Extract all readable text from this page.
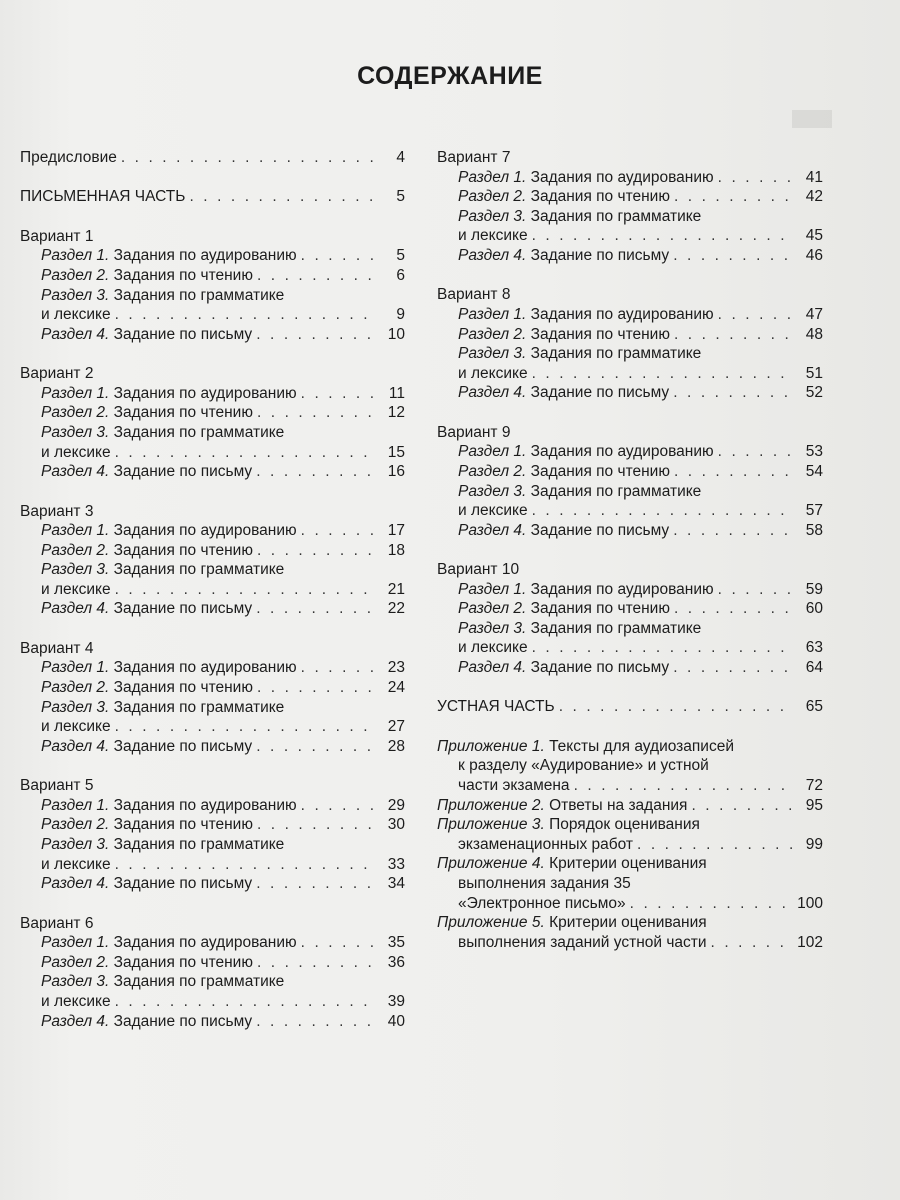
СОДЕРЖАНИЕ
Предисловие . . .	4
ПИСЬМЕННАЯ ЧАСТЬ . . .	5
Вариант 1
Раздел 1. Задания по аудированию . . .	5
Раздел 2. Задания по чтению . . .	6
Раздел 3. Задания по грамматике
и лексике . . .	9
Раздел 4. Задание по письму . . .	10
Вариант 2
Раздел 1. Задания по аудированию . . .	11
Раздел 2. Задания по чтению . . .	12
Раздел 3. Задания по грамматике
и лексике . . .	15
Раздел 4. Задание по письму . . .	16
Вариант 3
Раздел 1. Задания по аудированию . . .	17
Раздел 2. Задания по чтению . . .	18
Раздел 3. Задания по грамматике
и лексике . . .	21
Раздел 4. Задание по письму . . .	22
Вариант 4
Раздел 1. Задания по аудированию . . .	23
Раздел 2. Задания по чтению . . .	24
Раздел 3. Задания по грамматике
и лексике . . .	27
Раздел 4. Задание по письму . . .	28
Вариант 5
Раздел 1. Задания по аудированию . . .	29
Раздел 2. Задания по чтению . . .	30
Раздел 3. Задания по грамматике
и лексике . . .	33
Раздел 4. Задание по письму . . .	34
Вариант 6
Раздел 1. Задания по аудированию . . .	35
Раздел 2. Задания по чтению . . .	36
Раздел 3. Задания по грамматике
и лексике . . .	39
Раздел 4. Задание по письму . . .	40
Вариант 7
Раздел 1. Задания по аудированию . . .	41
Раздел 2. Задания по чтению . . .	42
Раздел 3. Задания по грамматике
и лексике . . .	45
Раздел 4. Задание по письму . . .	46
Вариант 8
Раздел 1. Задания по аудированию . . .	47
Раздел 2. Задания по чтению . . .	48
Раздел 3. Задания по грамматике
и лексике . . .	51
Раздел 4. Задание по письму . . .	52
Вариант 9
Раздел 1. Задания по аудированию . . .	53
Раздел 2. Задания по чтению . . .	54
Раздел 3. Задания по грамматике
и лексике . . .	57
Раздел 4. Задание по письму . . .	58
Вариант 10
Раздел 1. Задания по аудированию . . .	59
Раздел 2. Задания по чтению . . .	60
Раздел 3. Задания по грамматике
и лексике . . .	63
Раздел 4. Задание по письму . . .	64
УСТНАЯ ЧАСТЬ . . .	65
Приложение 1. Тексты для аудиозаписей
к разделу «Аудирование» и устной
части экзамена . . .	72
Приложение 2. Ответы на задания . . .	95
Приложение 3. Порядок оценивания
экзаменационных работ . . .	99
Приложение 4. Критерии оценивания
выполнения задания 35
«Электронное письмо» . . .	100
Приложение 5. Критерии оценивания
выполнения заданий устной части . . .	102
